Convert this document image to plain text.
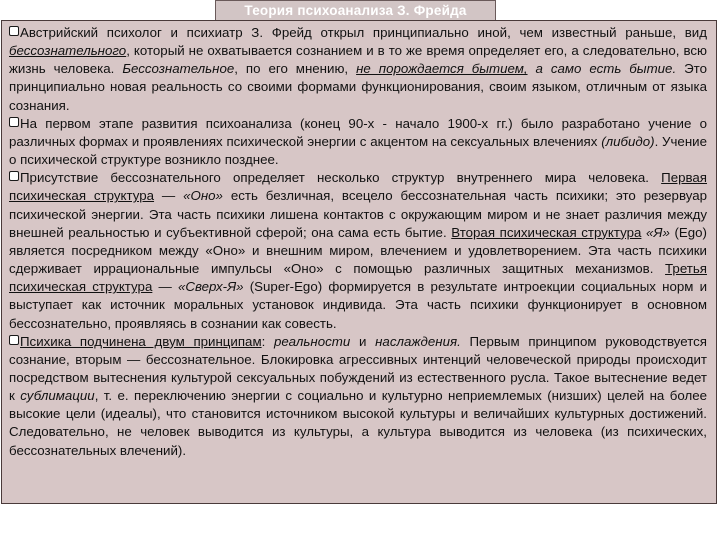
Теория психоанализа З. Фрейда

Австрийский психолог и психиатр З. Фрейд открыл принципиально иной, чем известный раньше, вид бессознательного, который не охватывается сознанием и в то же время определяет его, а следовательно, всю жизнь человека. Бессознательное, по его мнению, не порождается бытием, а само есть бытие. Это принципиально новая реальность со своими формами функционирования, своим языком, отличным от языка сознания.

На первом этапе развития психоанализа (конец 90-х - начало 1900-х гг.) было разработано учение о различных формах и проявлениях психической энергии с акцентом на сексуальных влечениях (либидо). Учение о психической структуре возникло позднее.

Присутствие бессознательного определяет несколько структур внутреннего мира человека. Первая психическая структура — «Оно» есть безличная, всецело бессознательная часть психики; это резервуар психической энергии. Эта часть психики лишена контактов с окружающим миром и не знает различия между внешней реальностью и субъективной сферой; она сама есть бытие. Вторая психическая структура «Я» (Ego) является посредником между «Оно» и внешним миром, влечением и удовлетворением. Эта часть психики сдерживает иррациональные импульсы «Оно» с помощью различных защитных механизмов. Третья психическая структура — «Сверх-Я» (Super-Ego) формируется в результате интроекции социальных норм и выступает как источник моральных установок индивида. Эта часть психики функционирует в основном бессознательно, проявляясь в сознании как совесть.

Психика подчинена двум принципам: реальности и наслаждения. Первым принципом руководствуется сознание, вторым — бессознательное. Блокировка агрессивных интенций человеческой природы происходит посредством вытеснения культурой сексуальных побуждений из естественного русла. Такое вытеснение ведет к сублимации, т. е. переключению энергии с социально и культурно неприемлемых (низших) целей на более высокие цели (идеалы), что становится источником высокой культуры и величайших культурных достижений. Следовательно, не человек выводится из культуры, а культура выводится из человека (из психических, бессознательных влечений).
